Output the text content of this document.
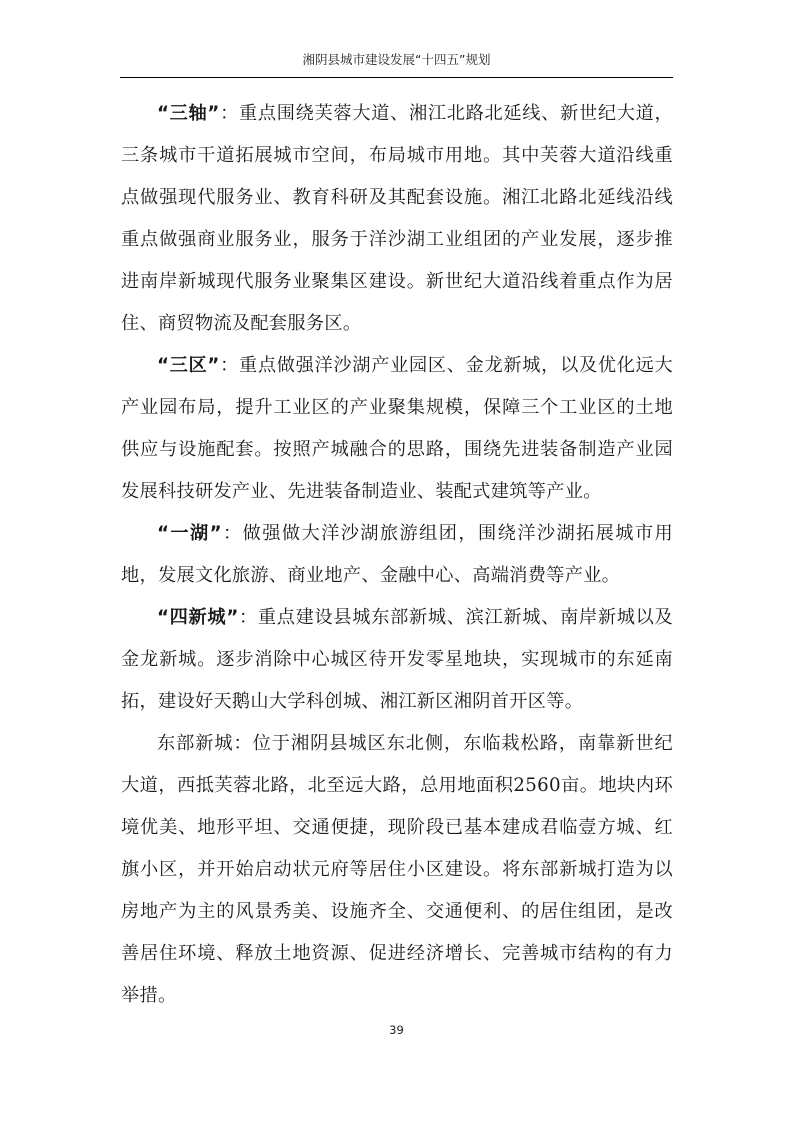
湘阴县城市建设发展“十四五”规划

“三轴”：重点围绕芙蓉大道、湘江北路北延线、新世纪大道，三条城市干道拓展城市空间，布局城市用地。其中芙蓉大道沿线重点做强现代服务业、教育科研及其配套设施。湘江北路北延线沿线重点做强商业服务业，服务于洋沙湖工业组团的产业发展，逐步推进南岸新城现代服务业聚集区建设。新世纪大道沿线着重点作为居住、商贸物流及配套服务区。

“三区”：重点做强洋沙湖产业园区、金龙新城，以及优化远大产业园布局，提升工业区的产业聚集规模，保障三个工业区的土地供应与设施配套。按照产城融合的思路，围绕先进装备制造产业园发展科技研发产业、先进装备制造业、装配式建筑等产业。

“一湖”：做强做大洋沙湖旅游组团，围绕洋沙湖拓展城市用地，发展文化旅游、商业地产、金融中心、高端消费等产业。

“四新城”：重点建设县城东部新城、滨江新城、南岸新城以及金龙新城。逐步消除中心城区待开发零星地块，实现城市的东延南拓，建设好天鹅山大学科创城、湘江新区湘阴首开区等。

东部新城：位于湘阴县城区东北侧，东临栽松路，南靠新世纪大道，西抵芙蓉北路，北至远大路，总用地面积2560亩。地块内环境优美、地形平坦、交通便捷，现阶段已基本建成君临壹方城、红旗小区，并开始启动状元府等居住小区建设。将东部新城打造为以房地产为主的风景秀美、设施齐全、交通便利、的居住组团，是改善居住环境、释放土地资源、促进经济增长、完善城市结构的有力举措。

39
